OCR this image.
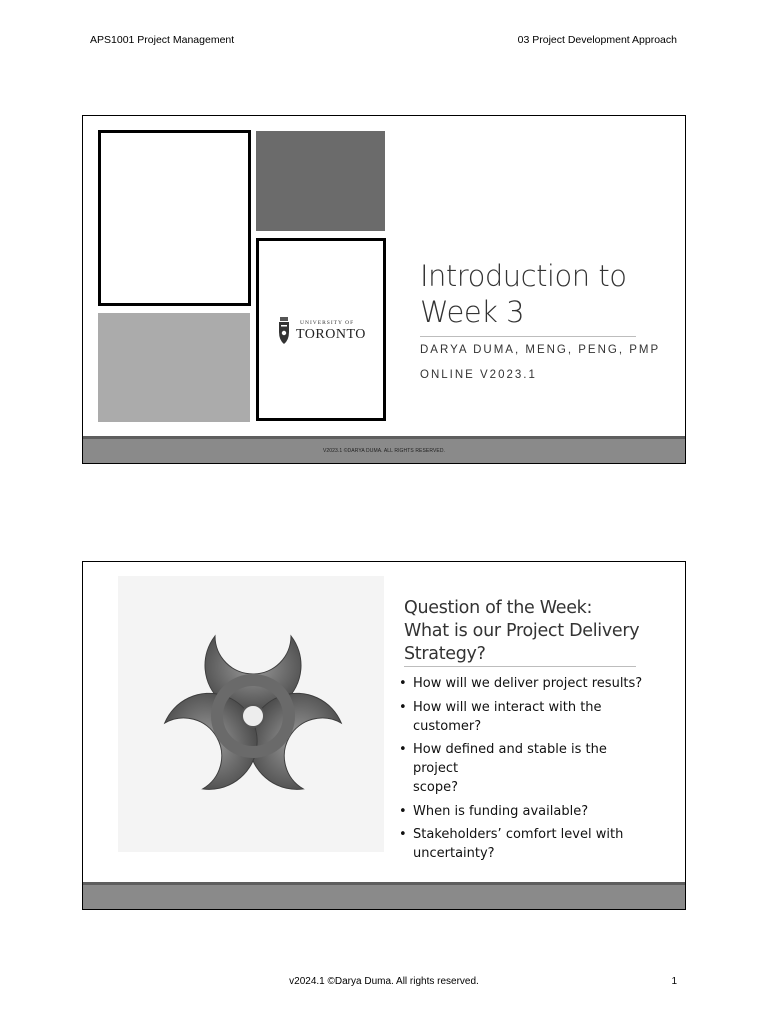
APS1001 Project Management	03 Project Development Approach
UNIVERSITY OF
TORONTO
Introduction to
Week 3
DARYA DUMA, MENG, PENG, PMP
ONLINE V2023.1
V2023.1 ©DARYA DUMA. ALL RIGHTS RESERVED.
Question of the Week:
What is our Project Delivery
Strategy?
• How will we deliver project results?
• How will we interact with the
customer?
• How defined and stable is the project
scope?
• When is funding available?
• Stakeholders’ comfort level with
uncertainty?
v2024.1 ©Darya Duma. All rights reserved.	1
